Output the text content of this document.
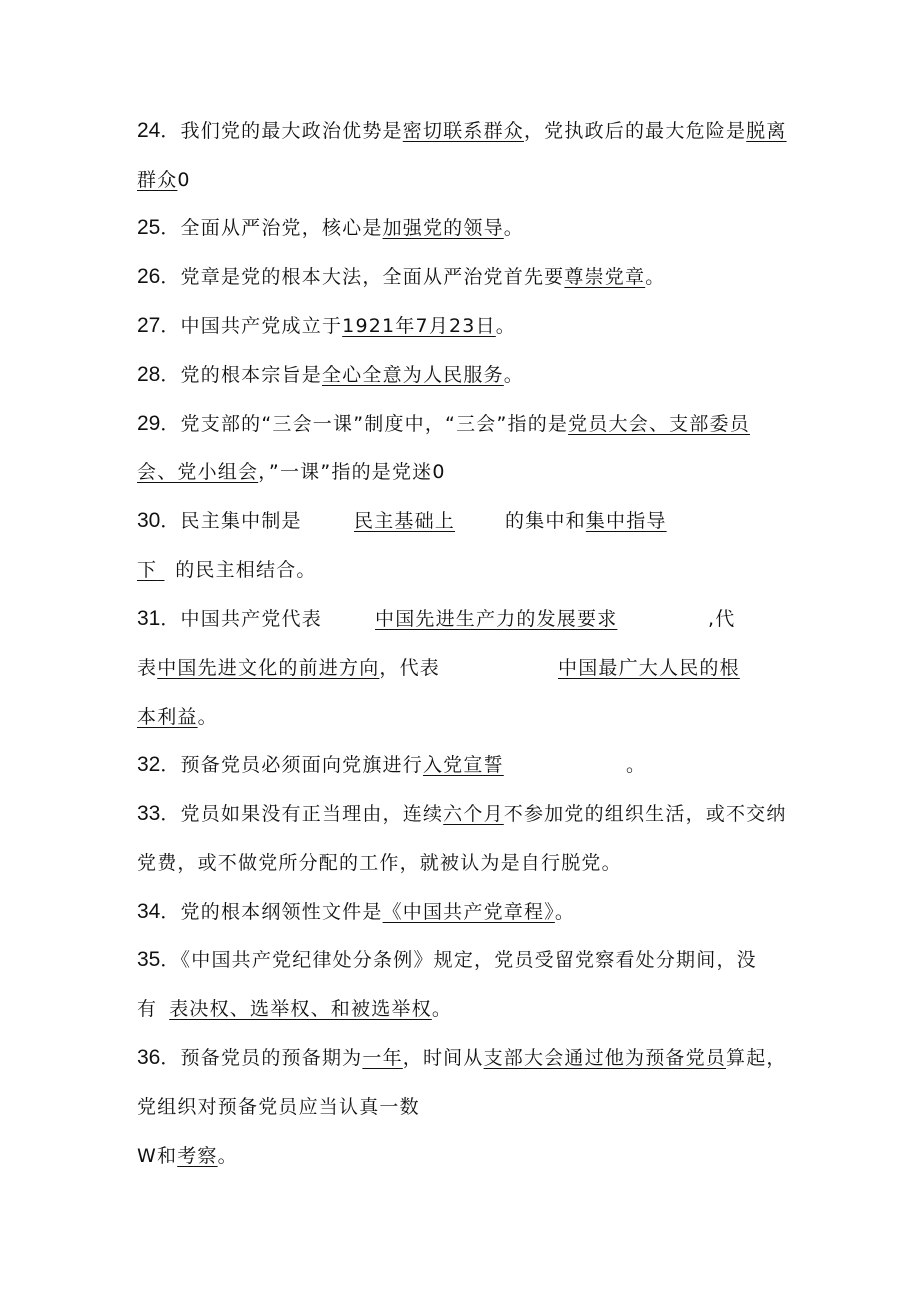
24．我们党的最大政治优势是密切联系群众，党执政后的最大危险是脱离
群众0
25．全面从严治党，核心是加强党的领导。
26．党章是党的根本大法，全面从严治党首先要尊崇党章。
27．中国共产党成立于1921年7月23日。
28．党的根本宗旨是全心全意为人民服务。
29．党支部的“三会一课”制度中，“三会”指的是党员大会、支部委员
会、党小组会，”一课”指的是党迷0
30．民主集中制是	民主基础上	的集中和集中指导
下 的民主相结合。
31．中国共产党代表	中国先进生产力的发展要求	,代
表中国先进文化的前进方向，代表	中国最广大人民的根
本利益。
32．预备党员必须面向党旗进行入党宣誓	。
33．党员如果没有正当理由，连续六个月不参加党的组织生活，或不交纳
党费，或不做党所分配的工作，就被认为是自行脱党。
34．党的根本纲领性文件是《中国共产党章程》。
35．《中国共产党纪律处分条例》规定，党员受留党察看处分期间，没
有 表决权、选举权、和被选举权。
36．预备党员的预备期为一年，时间从支部大会通过他为预备党员算起，
党组织对预备党员应当认真一数
W和考察。
